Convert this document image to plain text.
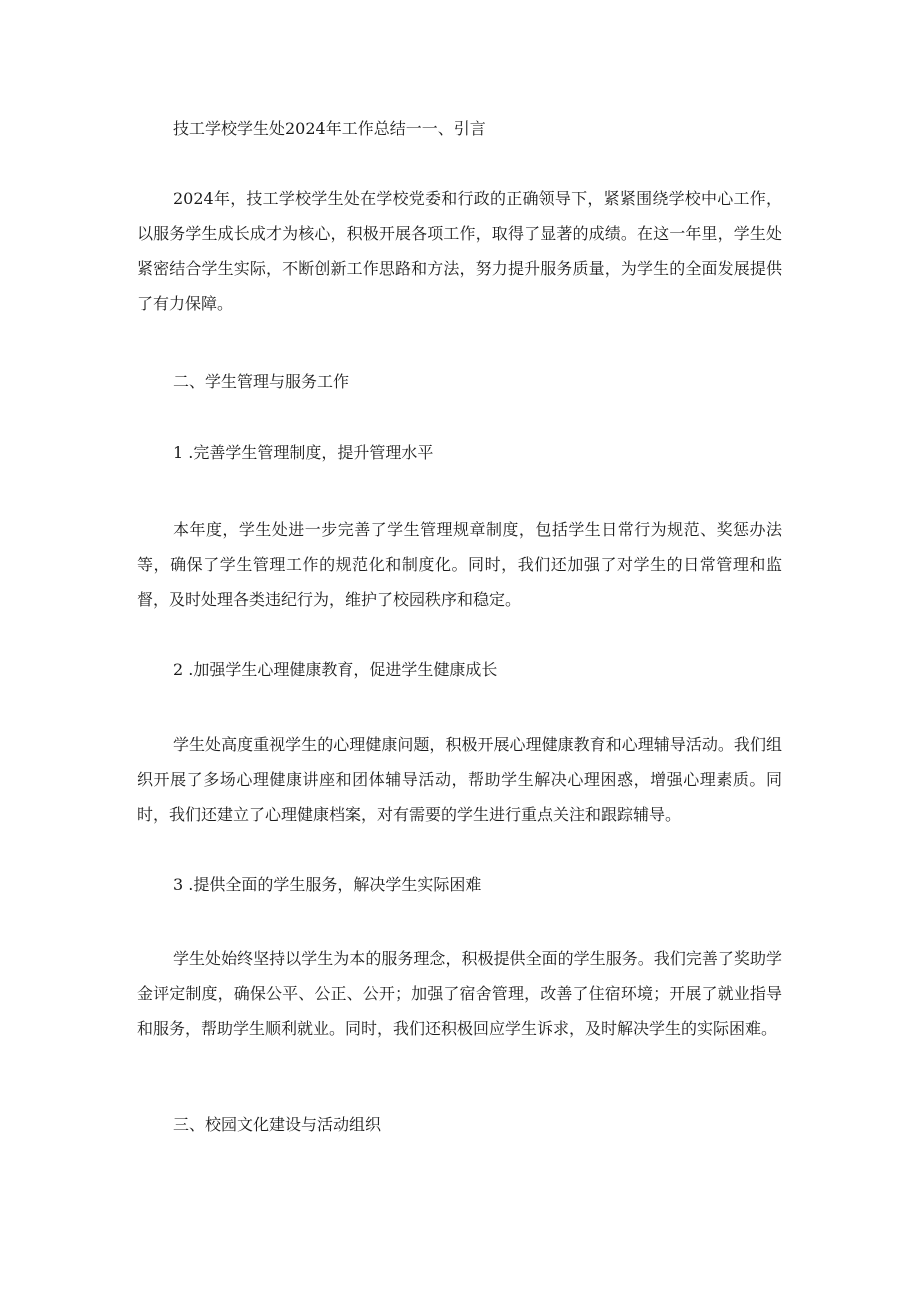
技工学校学生处2024年工作总结一一、引言

2024年，技工学校学生处在学校党委和行政的正确领导下，紧紧围绕学校中心工作，以服务学生成长成才为核心，积极开展各项工作，取得了显著的成绩。在这一年里，学生处紧密结合学生实际，不断创新工作思路和方法，努力提升服务质量，为学生的全面发展提供了有力保障。

二、学生管理与服务工作

1 .完善学生管理制度，提升管理水平

本年度，学生处进一步完善了学生管理规章制度，包括学生日常行为规范、奖惩办法等，确保了学生管理工作的规范化和制度化。同时，我们还加强了对学生的日常管理和监督，及时处理各类违纪行为，维护了校园秩序和稳定。

2 .加强学生心理健康教育，促进学生健康成长

学生处高度重视学生的心理健康问题，积极开展心理健康教育和心理辅导活动。我们组织开展了多场心理健康讲座和团体辅导活动，帮助学生解决心理困惑，增强心理素质。同时，我们还建立了心理健康档案，对有需要的学生进行重点关注和跟踪辅导。

3 .提供全面的学生服务，解决学生实际困难

学生处始终坚持以学生为本的服务理念，积极提供全面的学生服务。我们完善了奖助学金评定制度，确保公平、公正、公开；加强了宿舍管理，改善了住宿环境；开展了就业指导和服务，帮助学生顺利就业。同时，我们还积极回应学生诉求，及时解决学生的实际困难。

三、校园文化建设与活动组织
